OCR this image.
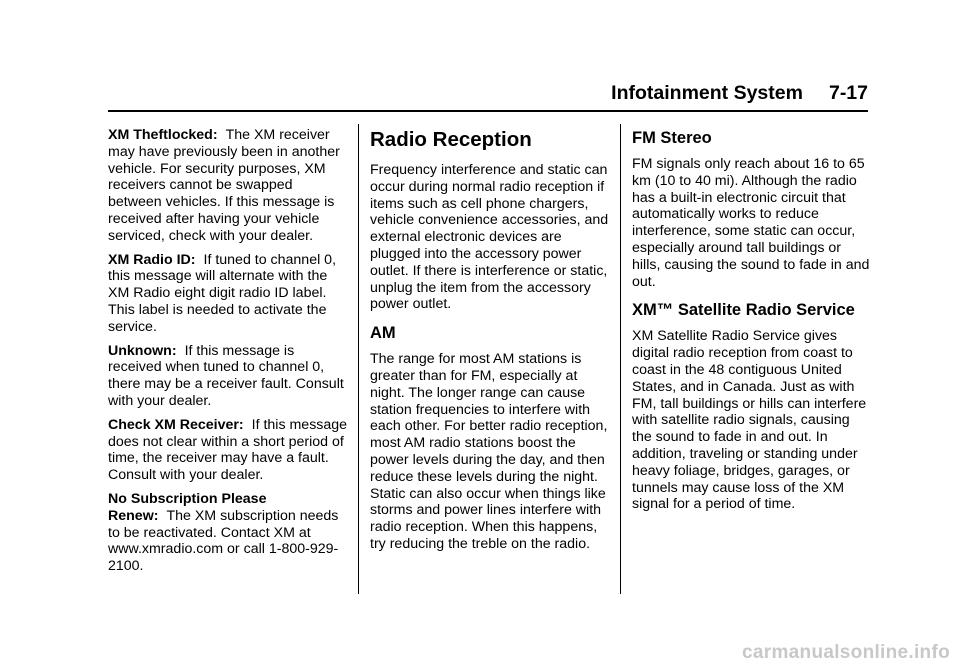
Infotainment System 7-17

XM Theftlocked: The XM receiver may have previously been in another vehicle. For security purposes, XM receivers cannot be swapped between vehicles. If this message is received after having your vehicle serviced, check with your dealer.

XM Radio ID: If tuned to channel 0, this message will alternate with the XM Radio eight digit radio ID label. This label is needed to activate the service.

Unknown: If this message is received when tuned to channel 0, there may be a receiver fault. Consult with your dealer.

Check XM Receiver: If this message does not clear within a short period of time, the receiver may have a fault. Consult with your dealer.

No Subscription Please Renew: The XM subscription needs to be reactivated. Contact XM at www.xmradio.com or call 1-800-929-2100.

Radio Reception

Frequency interference and static can occur during normal radio reception if items such as cell phone chargers, vehicle convenience accessories, and external electronic devices are plugged into the accessory power outlet. If there is interference or static, unplug the item from the accessory power outlet.

AM

The range for most AM stations is greater than for FM, especially at night. The longer range can cause station frequencies to interfere with each other. For better radio reception, most AM radio stations boost the power levels during the day, and then reduce these levels during the night. Static can also occur when things like storms and power lines interfere with radio reception. When this happens, try reducing the treble on the radio.

FM Stereo

FM signals only reach about 16 to 65 km (10 to 40 mi). Although the radio has a built-in electronic circuit that automatically works to reduce interference, some static can occur, especially around tall buildings or hills, causing the sound to fade in and out.

XM™ Satellite Radio Service

XM Satellite Radio Service gives digital radio reception from coast to coast in the 48 contiguous United States, and in Canada. Just as with FM, tall buildings or hills can interfere with satellite radio signals, causing the sound to fade in and out. In addition, traveling or standing under heavy foliage, bridges, garages, or tunnels may cause loss of the XM signal for a period of time.

carmanualsonline.info
